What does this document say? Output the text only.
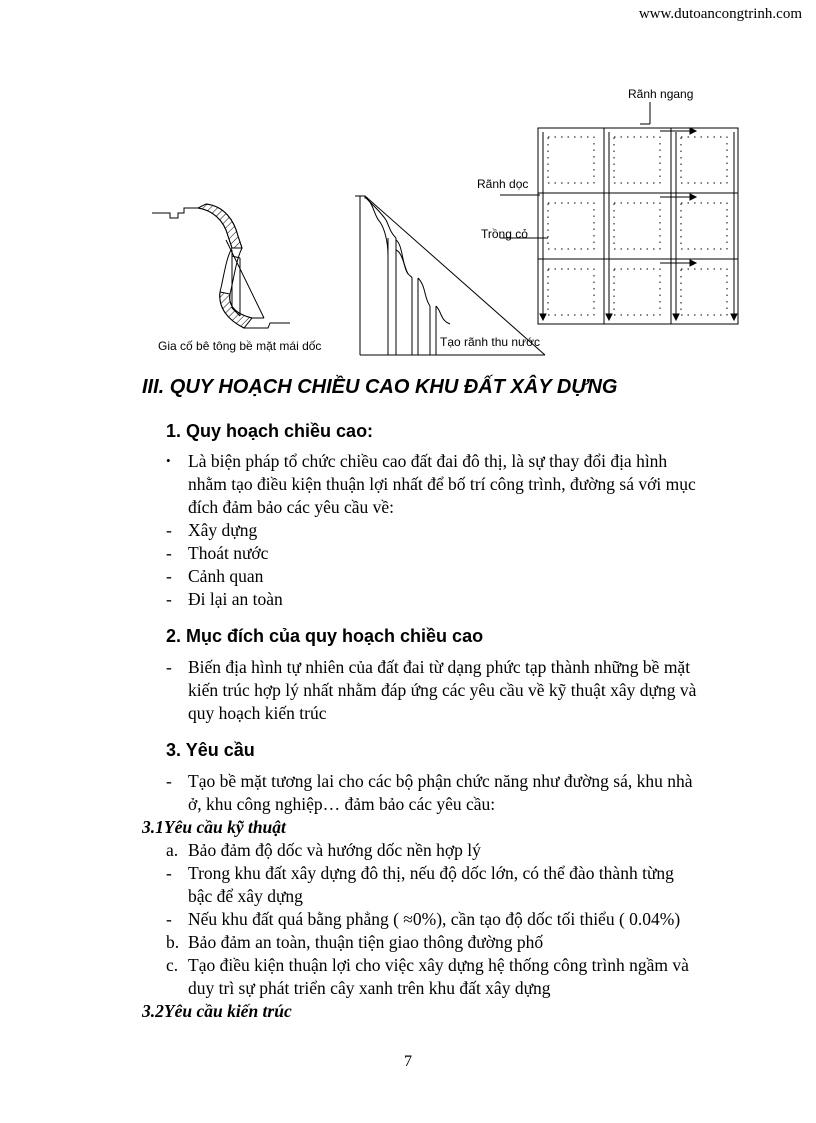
www.dutoancongtrinh.com
Gia cố bê tông bề mặt mái dốc	Tạo rãnh thu nước
Rãnh ngang
Rãnh dọc
Trồng cỏ
III. QUY HOẠCH CHIỀU CAO KHU ĐẤT XÂY DỰNG
1. Quy hoạch chiều cao:
• Là biện pháp tổ chức chiều cao đất đai đô thị, là sự thay đổi địa hình
nhằm tạo điều kiện thuận lợi nhất để bố trí công trình, đường sá với mục
đích đảm bảo các yêu cầu về:
- Xây dựng
- Thoát nước
- Cảnh quan
- Đi lại an toàn
2. Mục đích của quy hoạch chiều cao
- Biến địa hình tự nhiên của đất đai từ dạng phức tạp thành những bề mặt
kiến trúc hợp lý nhất nhằm đáp ứng các yêu cầu về kỹ thuật xây dựng và
quy hoạch kiến trúc
3. Yêu cầu
- Tạo bề mặt tương lai cho các bộ phận chức năng như đường sá, khu nhà
ở, khu công nghiệp… đảm bảo các yêu cầu:
3.1Yêu cầu kỹ thuật
a. Bảo đảm độ dốc và hướng dốc nền hợp lý
- Trong khu đất xây dựng đô thị, nếu độ dốc lớn, có thể đào thành từng
bậc để xây dựng
- Nếu khu đất quá bằng phẳng ( ≈0%), cần tạo độ dốc tối thiểu ( 0.04%)
b. Bảo đảm an toàn, thuận tiện giao thông đường phố
c. Tạo điều kiện thuận lợi cho việc xây dựng hệ thống công trình ngầm và
duy trì sự phát triển cây xanh trên khu đất xây dựng
3.2Yêu cầu kiến trúc
7
